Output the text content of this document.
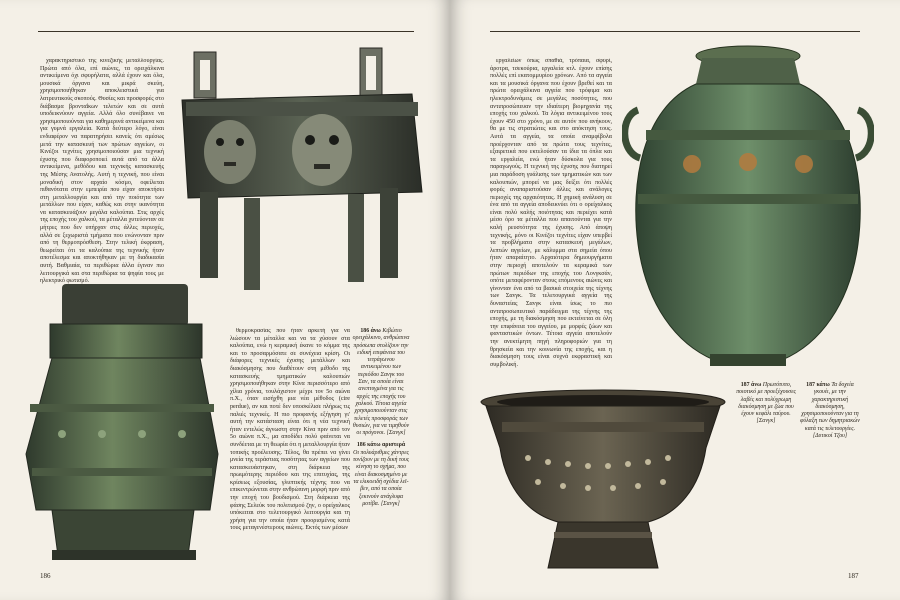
χαρακτηριστικό της κινεζικής μεταλλουργίας. Πρώτα από όλα, επί αιώνες, τα ορειχάλκινα αντικείμενα όχι σφυρήλατα, αλλά έχουν και όλα, μουσικά όργανα και μικρά σκεύη, χρησιμοποιήθηκαν αποκλειστικά για λατρευτικούς σκοπούς. Θυσίες και προσφορές στο διάβασμα βρονταΐκων τελετών και σε αυτά υποδεικνύουν αγγεία. Αλλά όλο συνέβαινε να χρησιμοποιούνται για καθημερινά αντικείμενα και για γυμνά εργαλεία. Κατά δεύτερο λόγο, είναι ενδιαφέρον να παρατηρήσει κανείς ότι αμέσως μετά την κατασκευή των πρώτων αγγείων, οι Κινέζοι τεχνίτες χρησιμοποιούσαν μια τεχνική έχυσης που διαφοροποιεί αυτά από τα άλλα αντικείμενα, μεθόδου και τεχνικής κατασκευής της Μέσης Ανατολής. Αυτή η τεχνική, που είναι μοναδική στον αρχαίο κόσμο, οφείλεται πιθανότατα στην εμπειρία που είχαν αποκτήσει στη μεταλλουργία και από την ποιότητα των μετάλλων που είχαν, καθώς και στην ικανότητα να κατασκευάζουν μεγάλα καλούπια. Στις αρχές της εποχής του χαλκού, τα μέταλλα χυτεύονταν σε μήτρες που δεν υπήρχαν στις άλλες περιοχές, αλλά σε ξεχωριστά τμήματα που ενώνονταν πριν από τη θερμοπρόσθεση. Στην τελική έκφραση, θεωρείται ότι τα καλούπια της τεχνικής ήταν αποτέλεσμα και αποκτήθηκαν με τη διαδικασία αυτή. Βαθμιαία, τα περιθώρια άλλα έγιναν πιο λειτουργικά και στα περιθώρια τα ψηφία τους με ηλεκτρικό φωτισμό.

θερμοκρασίας που ήταν αρκετή για να λιώσουν τα μέταλλα και να τα χύσουν στα καλούπια, ενώ η κεραμική έκανε το κόμμα της και το προσαρμόσατε σε συνέχεια κρίση. Οι διάφορες τεχνικές έχυσης μετάλλων και διακόσμησης που διαθέτουν στη μέθοδο της κατασκευής τμηματικών καλουπιών χρησιμοποιήθηκαν στην Κίνα περισσότερο από χίλια χρόνια, τουλάχιστον μέχρι τον 5ο αιώνα π.Χ., όταν εισήχθη μια νέα μέθοδος (cire perdue), αν και ποτέ δεν υποσκέλισε πλήρως τις παλιές τεχνικές. Η πιο προφανής εξήγηση γι' αυτή την κατάσταση είναι ότι η νέα τεχνική ήταν εντελώς άγνωστη στην Κίνα πριν από τον 5ο αιώνα π.Χ., μα αποδίδει πολύ φαίνεται να συνδέεται με τη θεωρία ότι η μεταλλουργία ήταν τοπικής προέλευσης. Τέλος, θα πρέπει να γίνει μνεία της τεράστιας ποσότητας των αγγείων που κατασκευάστηκαν, στη διάρκεια της πρωιμότερης περιόδου και της επιτυχίας, της κρίσεως εξουσίας, γλυπτικής τέχνης που να επικεντρώνεται στην ανθρώπινη μορφή πριν από την εποχή του βουδισμού. Στη διάρκεια της φάσης Σελεύκ του πολιτισμού ζην, ο ορείχαλκος υπόκειται στο τελετουργικό λειτουργία και τη χρήση για την οποία ήταν προορισμένος κατά τους μεταγενέστερους αιώνες. Εκτός των μέσων

186 άνω Κιβώτιο ορειχάλκινο, ανθρώπινα πρόσωπα στολίζουν την ειδική επιφάνεια του τετράγωνου αντικειμένου των περιόδου Σανγκ του Σαν, τα οποία είναι ανεπτυγμένα για τις αρχές της εποχής του χαλκού. Τέτοια αγγεία χρησιμοποιούνταν στις τελετές προσφοράς των θυσιών, για να τιμηθούν οι πρόγονοι. [Σανγκ]
186 κάτω αριστερά
Οι πολυάριθμες χάντρες τονίζουν με τη δική τους κίνηση το σχήμα, που είναι διακοσμημένο με τα ελικοειδή σχέδια λεϊ-βεν, από τα οποία ξεκινούν ανάγλυφα μοτίβα. [Σανγκ]
186

εργαλείων όπως σπαθιά, τρόπαια, σφυρί, άροτρα, τσεκούρια, εργαλεία κτλ. έχουν επίσης πολλές επί εκατομμυρίου χρόνων. Από τα αγγεία και τα μουσικά όργανα που έχουν βρεθεί και τα πρώτα ορειχάλκινα αγγεία που τρόφιμα και ηλεκτροδυνάμεις σε μεγάλες ποσότητες, που αντιπροσώπευαν την ιδιαίτερη βιομηχανία της εποχής του χαλκού. Τα λόγια αντικειμένου τους έχουν 450 στο χρόνο, με σε αυτόν που ανήκουν, θα με τις στρατιώτες και στο απόκτηση τους. Αυτά τα αγγεία, τα οποία αναμφίβολα προέρχονταν από τα πρώτα τους τεχνίτες, εξαιρετικά που εκτελούσαν τα ίδια τα όπλα και τα εργαλεία, ενώ ήταν δύσκολα για τους παραγωγούς. Η τεχνική της έχυσης που διατηρεί μια παράδοση γυάλισης των τμηματικών και των καλουπιών, μπορεί να μας δείξει ότι πολλές φορές αναπαριστούσαν άλλες και ανάλογες περιοχές της αρχαιότητας. Η χημική ανάλυση σε ένα από τα αγγεία αποδεικνύει ότι ο ορείχαλκος είναι πολύ καλής ποιότητας και περιέχει κατά μέσο όρο τα μέταλλα που απαιτούνται για την καλή ρευστότητα της έχυσης. Από άποψη τεχνικής, μόνο οι Κινέζοι τεχνίτες είχαν υπερβεί τα προβλήματα στην κατασκευή μεγάλων, λεπτών αγγείων, με κάλυμμα στα σημεία όπου ήταν απαραίτητο. Αρχαιότερα δημιουργήματα στην περιοχή αποτελούν τα κεραμικά των πρώτων περιόδων της εποχής του Λονγκσάν, οπότε μεταφέρονταν στους επόμενους αιώνες και γίνονταν ένα από τα βασικά στοιχεία της τέχνης των Σανγκ. Τα τελετουργικά αγγεία της δυναστείας Σανγκ είναι ίσως το πιο αντιπροσωπευτικό παράδειγμα της τέχνης της εποχής, με τη διακόσμηση που εκτείνεται σε όλη την επιφάνεια του αγγείου, με μορφές ζώων και φανταστικών όντων. Τέτοια αγγεία αποτελούν την ανεκτίμητη πηγή πληροφοριών για τη θρησκεία και την κοινωνία της εποχής, και η διακόσμηση τους είναι συχνά εκφραστική και συμβολική.

187 άνω Πρωτότυπο, ποιοτικό με προεξέχουσες λαβές και πολύχρωμη διακόσμηση με ζώα που έχουν κεφάλι ταύρου. [Σανγκ]
187 κάτω Τα δοχεία γκουέι, με την χαρακτηριστική διακόσμηση, χρησιμοποιούνταν για τη φύλαξη των δημητριακών κατά τις τελετουργίες. [Δυτικοί Τζου]
187
